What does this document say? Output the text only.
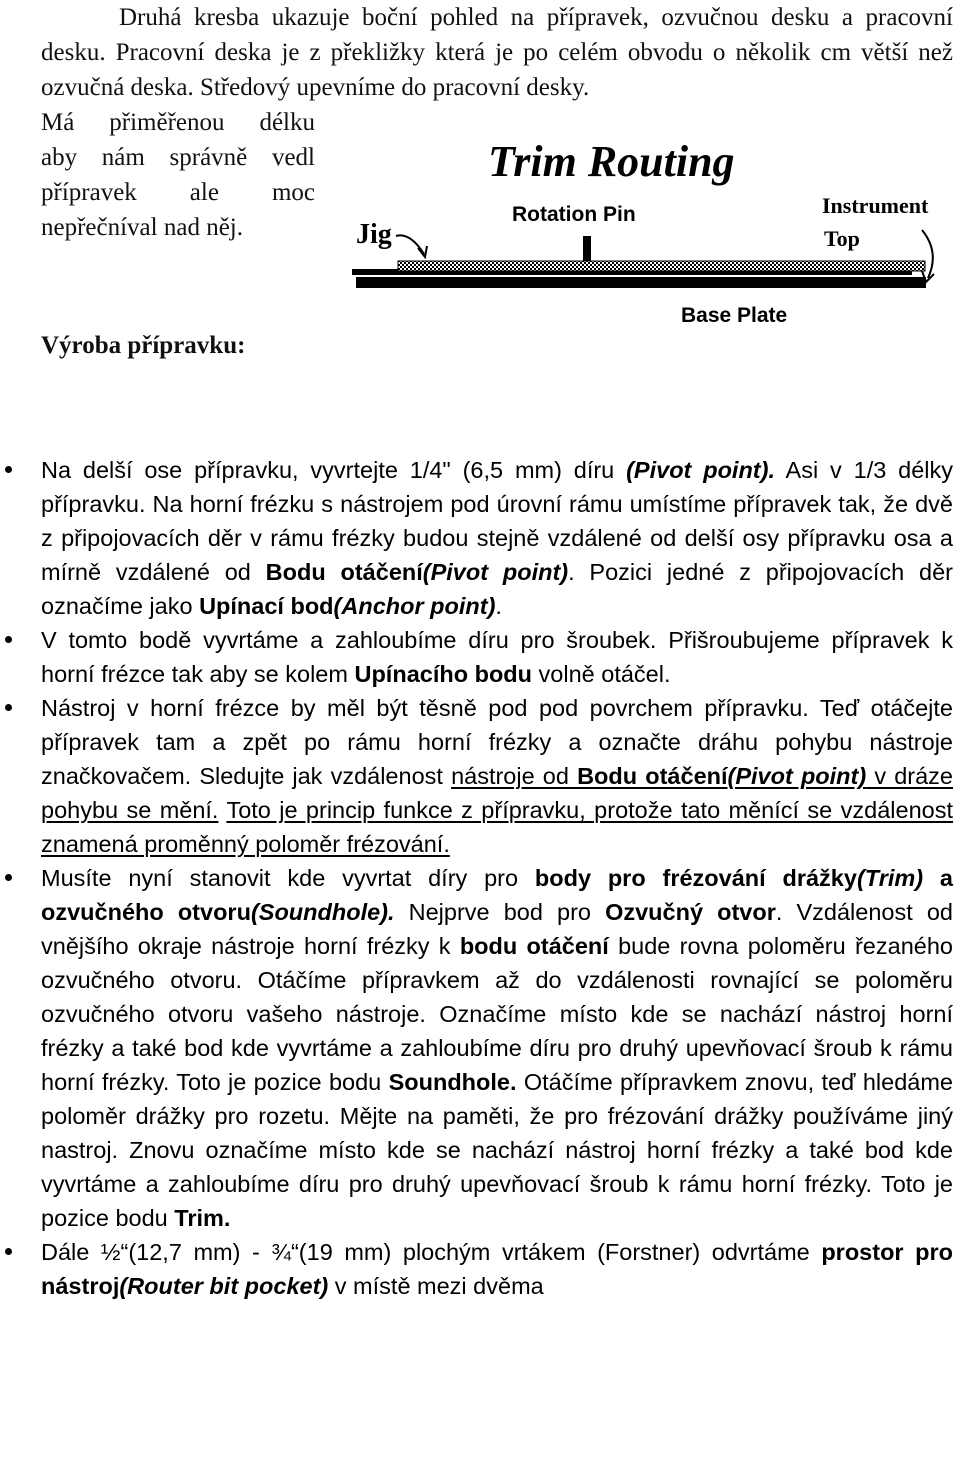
Druhá kresba ukazuje boční pohled na přípravek, ozvučnou desku a pracovní desku. Pracovní deska je z překližky která je po celém obvodu o několik cm větší než ozvučná deska. Středový upevníme do pracovní desky.
Má přiměřenou délku
aby nám správně vedl
přípravek ale moc
nepřečníval nad něj.
Výroba přípravku:
Trim Routing
Rotation Pin
Jig
Instrument
Top
Base Plate
Na delší ose přípravku, vyvrtejte 1/4" (6,5 mm) díru (Pivot point). Asi v 1/3 délky přípravku. Na horní frézku s nástrojem pod úrovní rámu umístíme přípravek tak, že dvě z připojovacích děr v rámu frézky budou stejně vzdálené od delší osy přípravku osa a mírně vzdálené od Bodu otáčení(Pivot point). Pozici jedné z připojovacích děr označíme jako Upínací bod(Anchor point).
V tomto bodě vyvrtáme a zahloubíme díru pro šroubek. Přišroubujeme přípravek k horní frézce tak aby se kolem Upínacího bodu volně otáčel.
Nástroj v horní frézce by měl být těsně pod pod povrchem přípravku. Teď otáčejte přípravek tam a zpět po rámu horní frézky a označte dráhu pohybu nástroje značkovačem. Sledujte jak vzdálenost nástroje od Bodu otáčení(Pivot point) v dráze pohybu se mění. Toto je princip funkce z přípravku, protože tato měnící se vzdálenost znamená proměnný poloměr frézování.
Musíte nyní stanovit kde vyvrtat díry pro body pro frézování drážky(Trim) a ozvučného otvoru(Soundhole). Nejprve bod pro Ozvučný otvor. Vzdálenost od vnějšího okraje nástroje horní frézky k bodu otáčení bude rovna poloměru řezaného ozvučného otvoru. Otáčíme přípravkem až do vzdálenosti rovnající se poloměru ozvučného otvoru vašeho nástroje. Označíme místo kde se nachází nástroj horní frézky a také bod kde vyvrtáme a zahloubíme díru pro druhý upevňovací šroub k rámu horní frézky. Toto je pozice bodu Soundhole. Otáčíme přípravkem znovu, teď hledáme poloměr drážky pro rozetu. Mějte na paměti, že pro frézování drážky používáme jiný nastroj. Znovu označíme místo kde se nachází nástroj horní frézky a také bod kde vyvrtáme a zahloubíme díru pro druhý upevňovací šroub k rámu horní frézky. Toto je pozice bodu Trim.
Dále ½“(12,7 mm) - ¾“(19 mm) plochým vrtákem (Forstner) odvrtáme prostor pro nástroj(Router bit pocket) v místě mezi dvěma
